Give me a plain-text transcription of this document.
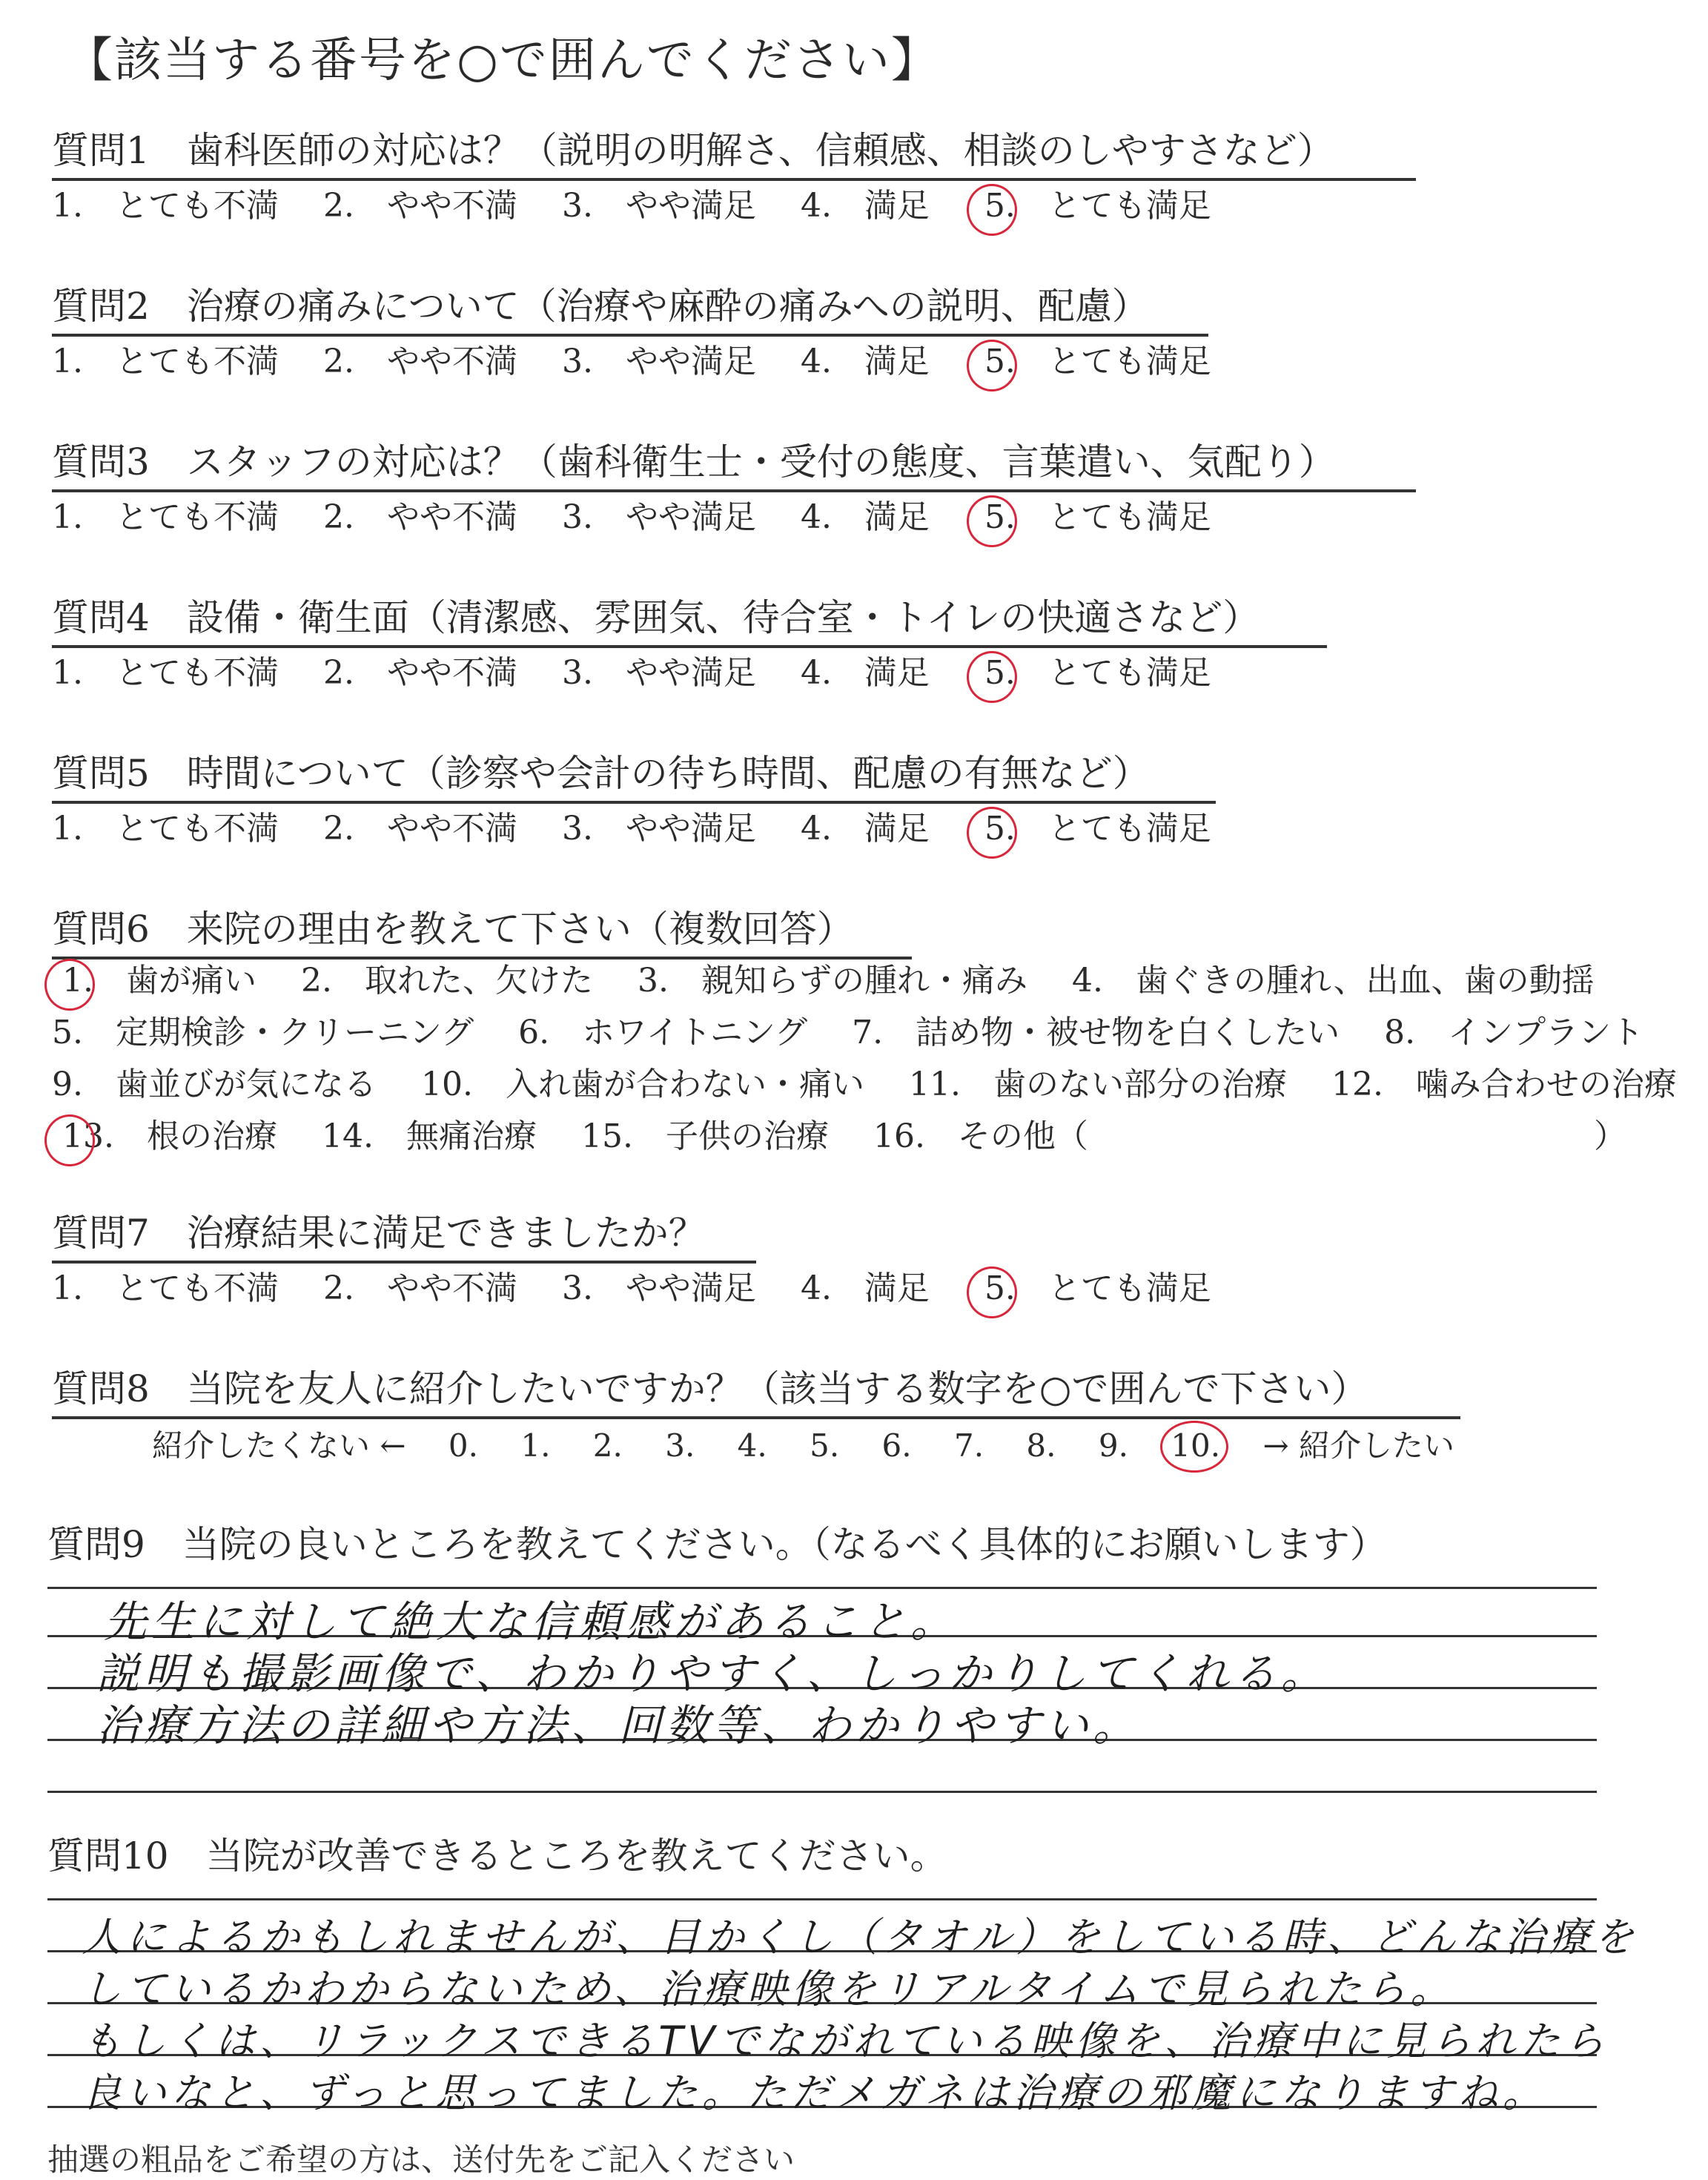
【該当する番号を○で囲んでください】
質問1　歯科医師の対応は？（説明の明解さ、信頼感、相談のしやすさなど）
1.　とても不満 2.　やや不満 3.　やや満足 4.　満足 5.　とても満足
質問2　治療の痛みについて（治療や麻酔の痛みへの説明、配慮）
1.　とても不満 2.　やや不満 3.　やや満足 4.　満足 5.　とても満足
質問3　スタッフの対応は？（歯科衛生士・受付の態度、言葉遣い、気配り）
1.　とても不満 2.　やや不満 3.　やや満足 4.　満足 5.　とても満足
質問4　設備・衛生面（清潔感、雰囲気、待合室・トイレの快適さなど）
1.　とても不満 2.　やや不満 3.　やや満足 4.　満足 5.　とても満足
質問5　時間について（診察や会計の待ち時間、配慮の有無など）
1.　とても不満 2.　やや不満 3.　やや満足 4.　満足 5.　とても満足
質問6　来院の理由を教えて下さい（複数回答）
1.　歯が痛い 2.　取れた、欠けた 3.　親知らずの腫れ・痛み 4.　歯ぐきの腫れ、出血、歯の動揺
5.　定期検診・クリーニング 6.　ホワイトニング 7.　詰め物・被せ物を白くしたい 8.　インプラント
9.　歯並びが気になる 10.　入れ歯が合わない・痛い 11.　歯のない部分の治療 12.　噛み合わせの治療
13.　根の治療 14.　無痛治療 15.　子供の治療 16.　その他（	）
質問7　治療結果に満足できましたか？
1.　とても不満 2.　やや不満 3.　やや満足 4.　満足 5.　とても満足
質問8　当院を友人に紹介したいですか？（該当する数字を○で囲んで下さい）
紹介したくない ← 0. 1. 2. 3. 4. 5. 6. 7. 8. 9. 10. → 紹介したい
質問9　当院の良いところを教えてください。（なるべく具体的にお願いします）
先生に対して絶大な信頼感があること。
説明も撮影画像で、わかりやすく、しっかりしてくれる。
治療方法の詳細や方法、回数等、わかりやすい。
質問10　当院が改善できるところを教えてください。
人によるかもしれませんが、目かくし（タオル）をしている時、どんな治療を
しているかわからないため、治療映像をリアルタイムで見られたら。
もしくは、リラックスできるTVでながれている映像を、治療中に見られたら
良いなと、ずっと思ってました。ただメガネは治療の邪魔になりますね。
抽選の粗品をご希望の方は、送付先をご記入ください
